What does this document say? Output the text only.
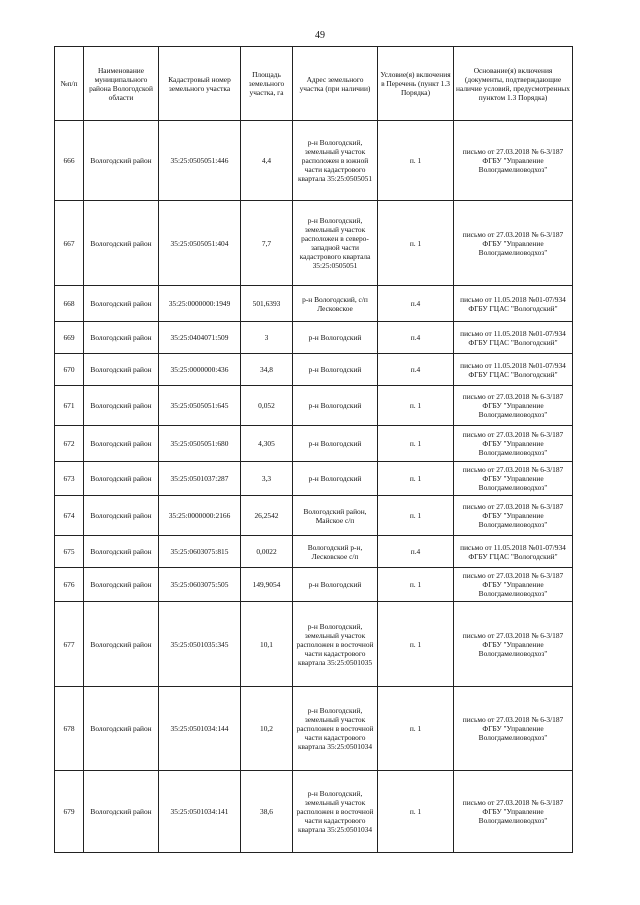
49
№п/п	Наименование муниципального района Вологодской области	Кадастровый номер земельного участка	Площадь земельного участка, га	Адрес земельного участка (при наличии)	Условие(я) включения в Перечень (пункт 1.3 Порядка)	Основание(я) включения (документы, подтверждающие наличие условий, предусмотренных пунктом 1.3 Порядка)
666	Вологодский район	35:25:0505051:446	4,4	р-н Вологодский, земельный участок расположен в южной части кадастрового квартала 35:25:0505051	п. 1	письмо от 27.03.2018 № 6-3/187 ФГБУ "Управление Вологдамелиоводхоз"
667	Вологодский район	35:25:0505051:404	7,7	р-н Вологодский, земельный участок расположен в северо-западной части кадастрового квартала 35:25:0505051	п. 1	письмо от 27.03.2018 № 6-3/187 ФГБУ "Управление Вологдамелиоводхоз"
668	Вологодский район	35:25:0000000:1949	501,6393	р-н Вологодский, с/п Лесковское	п.4	письмо от 11.05.2018 №01-07/934 ФГБУ ГЦАС "Вологодский"
669	Вологодский район	35:25:0404071:509	3	р-н Вологодский	п.4	письмо от 11.05.2018 №01-07/934 ФГБУ ГЦАС "Вологодский"
670	Вологодский район	35:25:0000000:436	34,8	р-н Вологодский	п.4	письмо от 11.05.2018 №01-07/934 ФГБУ ГЦАС "Вологодский"
671	Вологодский район	35:25:0505051:645	0,052	р-н Вологодский	п. 1	письмо от 27.03.2018 № 6-3/187 ФГБУ "Управление Вологдамелиоводхоз"
672	Вологодский район	35:25:0505051:680	4,305	р-н Вологодский	п. 1	письмо от 27.03.2018 № 6-3/187 ФГБУ "Управление Вологдамелиоводхоз"
673	Вологодский район	35:25:0501037:287	3,3	р-н Вологодский	п. 1	письмо от 27.03.2018 № 6-3/187 ФГБУ "Управление Вологдамелиоводхоз"
674	Вологодский район	35:25:0000000:2166	26,2542	Вологодский район, Майское с/п	п. 1	письмо от 27.03.2018 № 6-3/187 ФГБУ "Управление Вологдамелиоводхоз"
675	Вологодский район	35:25:0603075:815	0,0022	Вологодский р-н, Лесковское с/п	п.4	письмо от 11.05.2018 №01-07/934 ФГБУ ГЦАС "Вологодский"
676	Вологодский район	35:25:0603075:505	149,9054	р-н Вологодский	п. 1	письмо от 27.03.2018 № 6-3/187 ФГБУ "Управление Вологдамелиоводхоз"
677	Вологодский район	35:25:0501035:345	10,1	р-н Вологодский, земельный участок расположен в восточной части кадастрового квартала 35:25:0501035	п. 1	письмо от 27.03.2018 № 6-3/187 ФГБУ "Управление Вологдамелиоводхоз"
678	Вологодский район	35:25:0501034:144	10,2	р-н Вологодский, земельный участок расположен в восточной части кадастрового квартала 35:25:0501034	п. 1	письмо от 27.03.2018 № 6-3/187 ФГБУ "Управление Вологдамелиоводхоз"
679	Вологодский район	35:25:0501034:141	38,6	р-н Вологодский, земельный участок расположен в восточной части кадастрового квартала 35:25:0501034	п. 1	письмо от 27.03.2018 № 6-3/187 ФГБУ "Управление Вологдамелиоводхоз"
